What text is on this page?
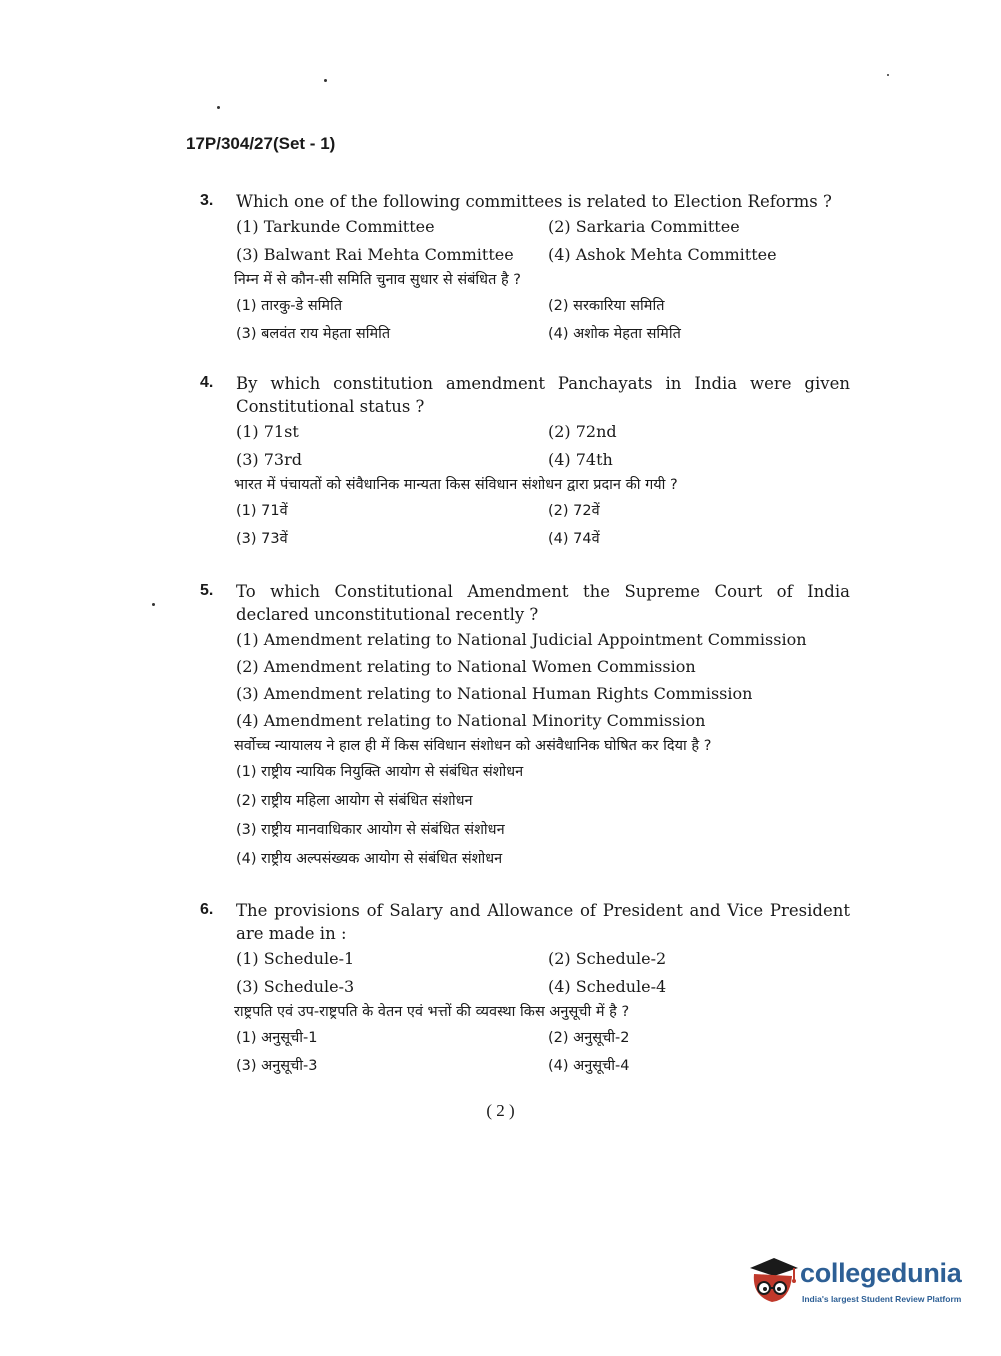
17P/304/27(Set - 1)
3. Which one of the following committees is related to Election Reforms ?
(1) Tarkunde Committee	(2) Sarkaria Committee
(3) Balwant Rai Mehta Committee	(4) Ashok Mehta Committee
निम्न में से कौन-सी समिति चुनाव सुधार से संबंधित है ?
(1) तारकु-डे समिति	(2) सरकारिया समिति
(3) बलवंत राय मेहता समिति	(4) अशोक मेहता समिति
4. By which constitution amendment Panchayats in India were given Constitutional status ?
(1) 71st	(2) 72nd
(3) 73rd	(4) 74th
भारत में पंचायतों को संवैधानिक मान्यता किस संविधान संशोधन द्वारा प्रदान की गयी ?
(1) 71वें	(2) 72वें
(3) 73वें	(4) 74वें
5. To which Constitutional Amendment the Supreme Court of India declared unconstitutional recently ?
(1) Amendment relating to National Judicial Appointment Commission
(2) Amendment relating to National Women Commission
(3) Amendment relating to National Human Rights Commission
(4) Amendment relating to National Minority Commission
सर्वोच्च न्यायालय ने हाल ही में किस संविधान संशोधन को असंवैधानिक घोषित कर दिया है ?
(1) राष्ट्रीय न्यायिक नियुक्ति आयोग से संबंधित संशोधन
(2) राष्ट्रीय महिला आयोग से संबंधित संशोधन
(3) राष्ट्रीय मानवाधिकार आयोग से संबंधित संशोधन
(4) राष्ट्रीय अल्पसंख्यक आयोग से संबंधित संशोधन
6. The provisions of Salary and Allowance of President and Vice President are made in :
(1) Schedule-1	(2) Schedule-2
(3) Schedule-3	(4) Schedule-4
राष्ट्रपति एवं उप-राष्ट्रपति के वेतन एवं भत्तों की व्यवस्था किस अनुसूची में है ?
(1) अनुसूची-1	(2) अनुसूची-2
(3) अनुसूची-3	(4) अनुसूची-4
( 2 )
collegedunia
India's largest Student Review Platform
